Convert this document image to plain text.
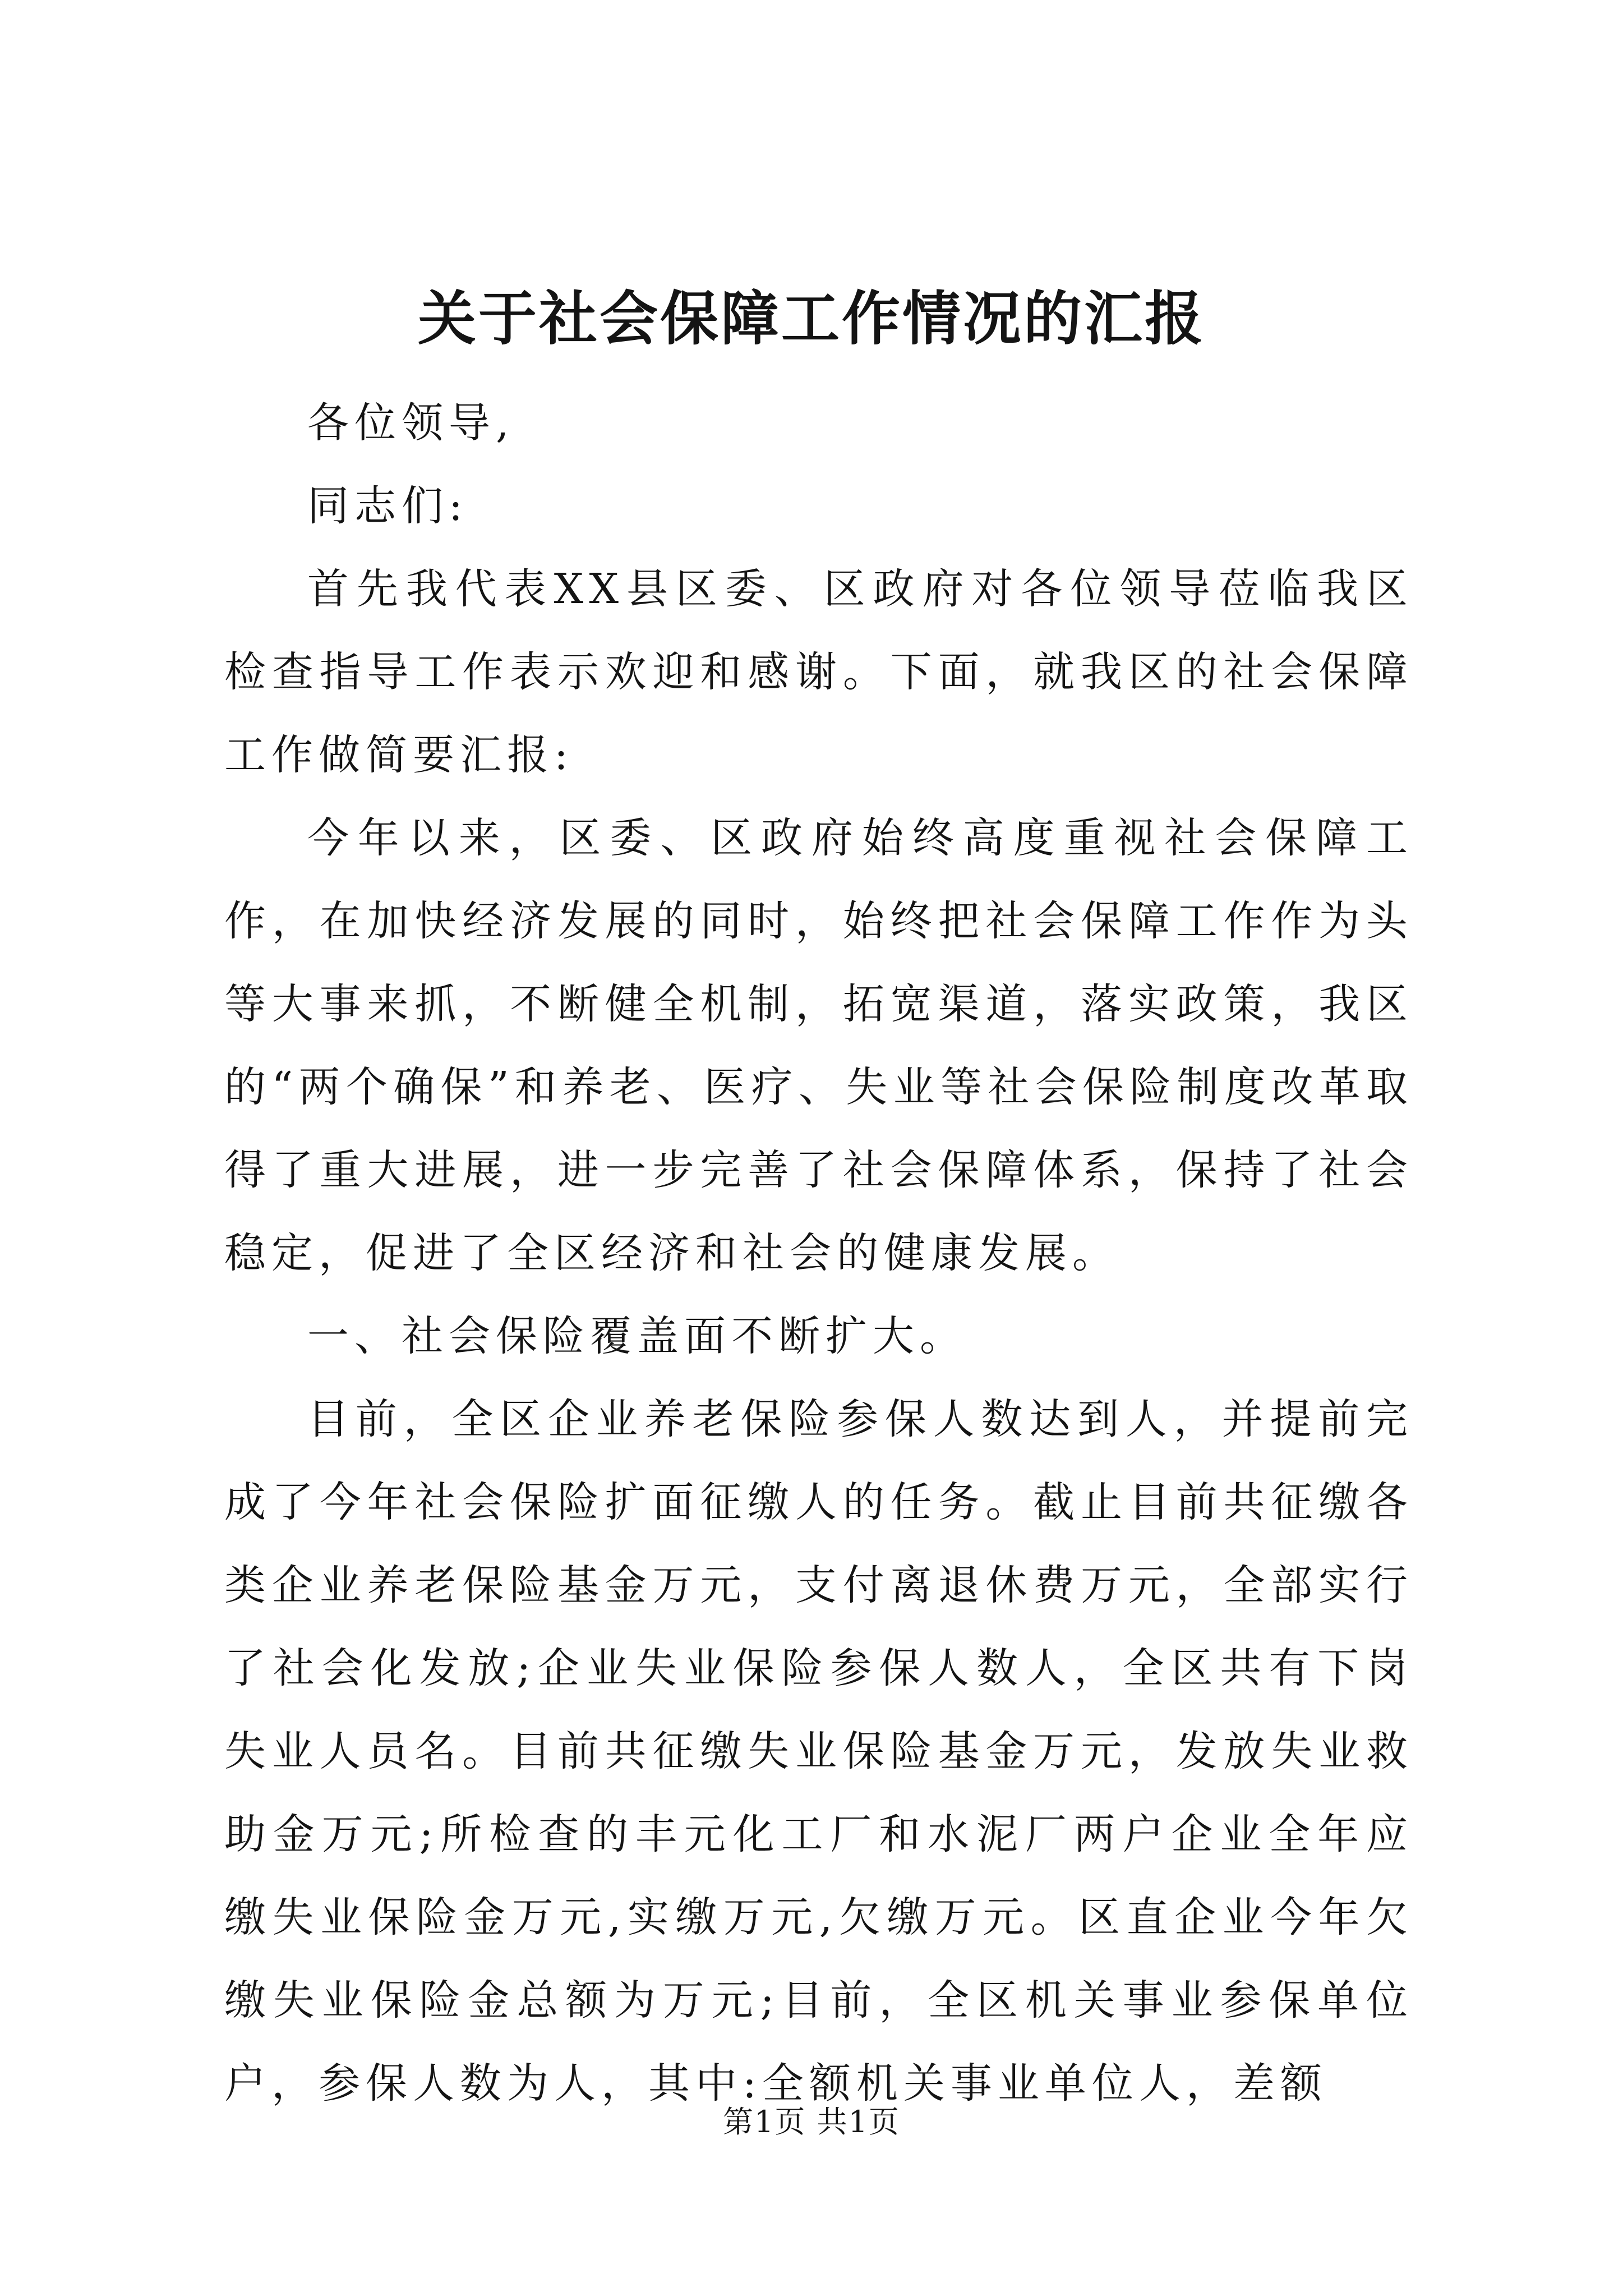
关于社会保障工作情况的汇报

各位领导,

同志们:

首先我代表XX县区委、区政府对各位领导莅临我区检查指导工作表示欢迎和感谢。下面，就我区的社会保障工作做简要汇报:

今年以来，区委、区政府始终高度重视社会保障工作，在加快经济发展的同时，始终把社会保障工作作为头等大事来抓，不断健全机制，拓宽渠道，落实政策，我区的“两个确保”和养老、医疗、失业等社会保险制度改革取得了重大进展，进一步完善了社会保障体系，保持了社会稳定，促进了全区经济和社会的健康发展。

一、社会保险覆盖面不断扩大。

目前，全区企业养老保险参保人数达到人，并提前完成了今年社会保险扩面征缴人的任务。截止目前共征缴各类企业养老保险基金万元，支付离退休费万元，全部实行了社会化发放;企业失业保险参保人数人，全区共有下岗失业人员名。目前共征缴失业保险基金万元，发放失业救助金万元;所检查的丰元化工厂和水泥厂两户企业全年应缴失业保险金万元,实缴万元,欠缴万元。区直企业今年欠缴失业保险金总额为万元;目前，全区机关事业参保单位户，参保人数为人，其中:全额机关事业单位人，差额

第1页 共1页
